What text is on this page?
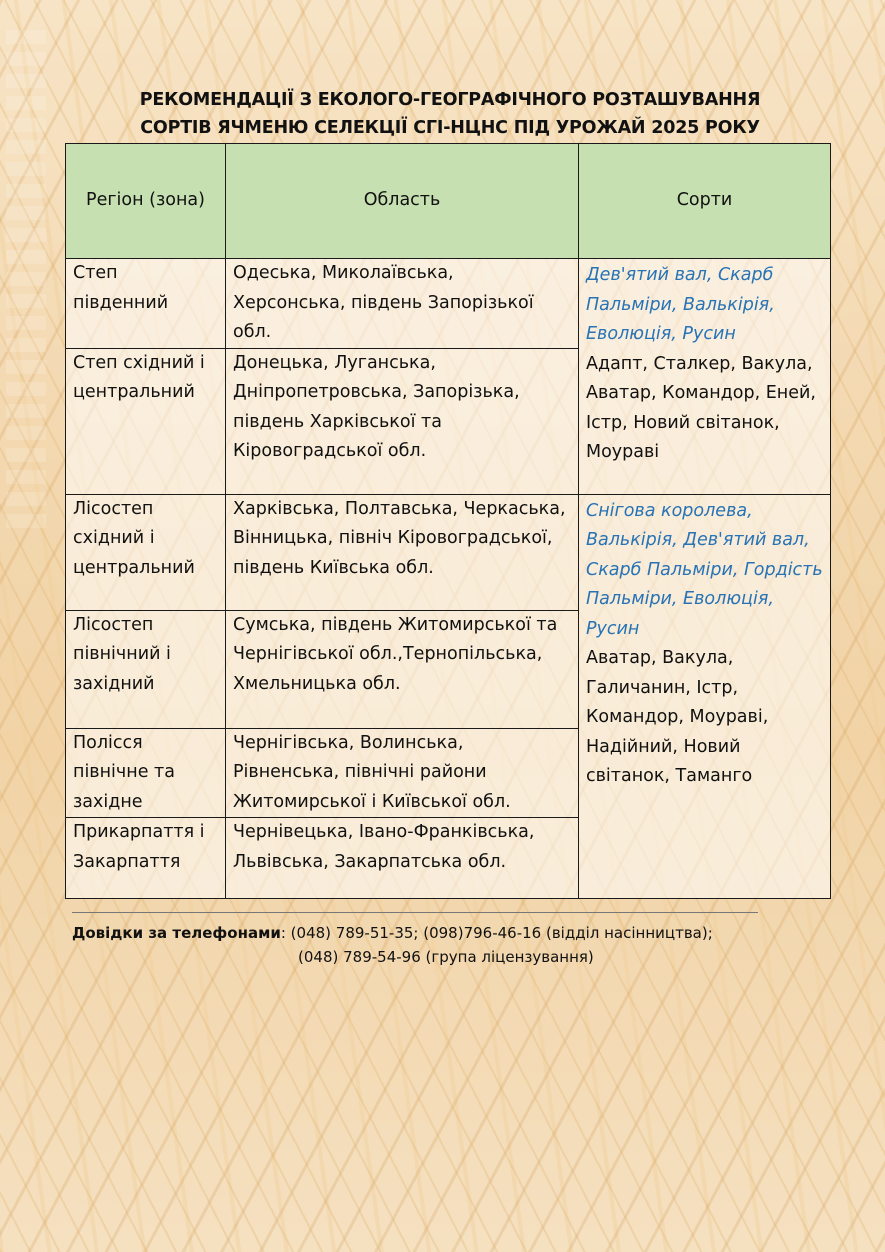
РЕКОМЕНДАЦІЇ З ЕКОЛОГО-ГЕОГРАФІЧНОГО РОЗТАШУВАННЯ
СОРТІВ ЯЧМЕНЮ СЕЛЕКЦІЇ СГІ-НЦНС ПІД УРОЖАЙ 2025 РОКУ
Регіон (зона)	Область	Сорти
Степ південний	Одеська, Миколаївська, Херсонська, південь Запорізької обл.	Дев'ятий вал, Скарб Пальміри, Валькірія, Еволюція, Русин
Адапт, Сталкер, Вакула, Аватар, Командор, Еней, Істр, Новий світанок, Моураві

Степ східний і центральний	Донецька, Луганська, Дніпропетровська, Запорізька, південь Харківської та Кіровоградської обл.	
Лісостеп східний і центральний	Харківська, Полтавська, Черкаська, Вінницька, північ Кіровоградської, південь Київська обл.	Снігова королева, Валькірія, Дев'ятий вал, Скарб Пальміри, Гордість Пальміри, Еволюція, Русин
Аватар, Вакула, Галичанин, Істр, Командор, Моураві, Надійний, Новий світанок, Таманго

Лісостеп північний і західний	Сумська, південь Житомирської та Чернігівської обл.,Тернопільська, Хмельницька обл.	
Полісся північне та західне	Чернігівська, Волинська, Рівненська, північні райони Житомирської і Київської обл.	
Прикарпаття і Закарпаття	Чернівецька, Івано-Франківська, Львівська, Закарпатська обл.	
Довідки за телефонами: (048) 789-51-35; (098)796-46-16 (відділ насінництва);
(048) 789-54-96 (група ліцензування)
